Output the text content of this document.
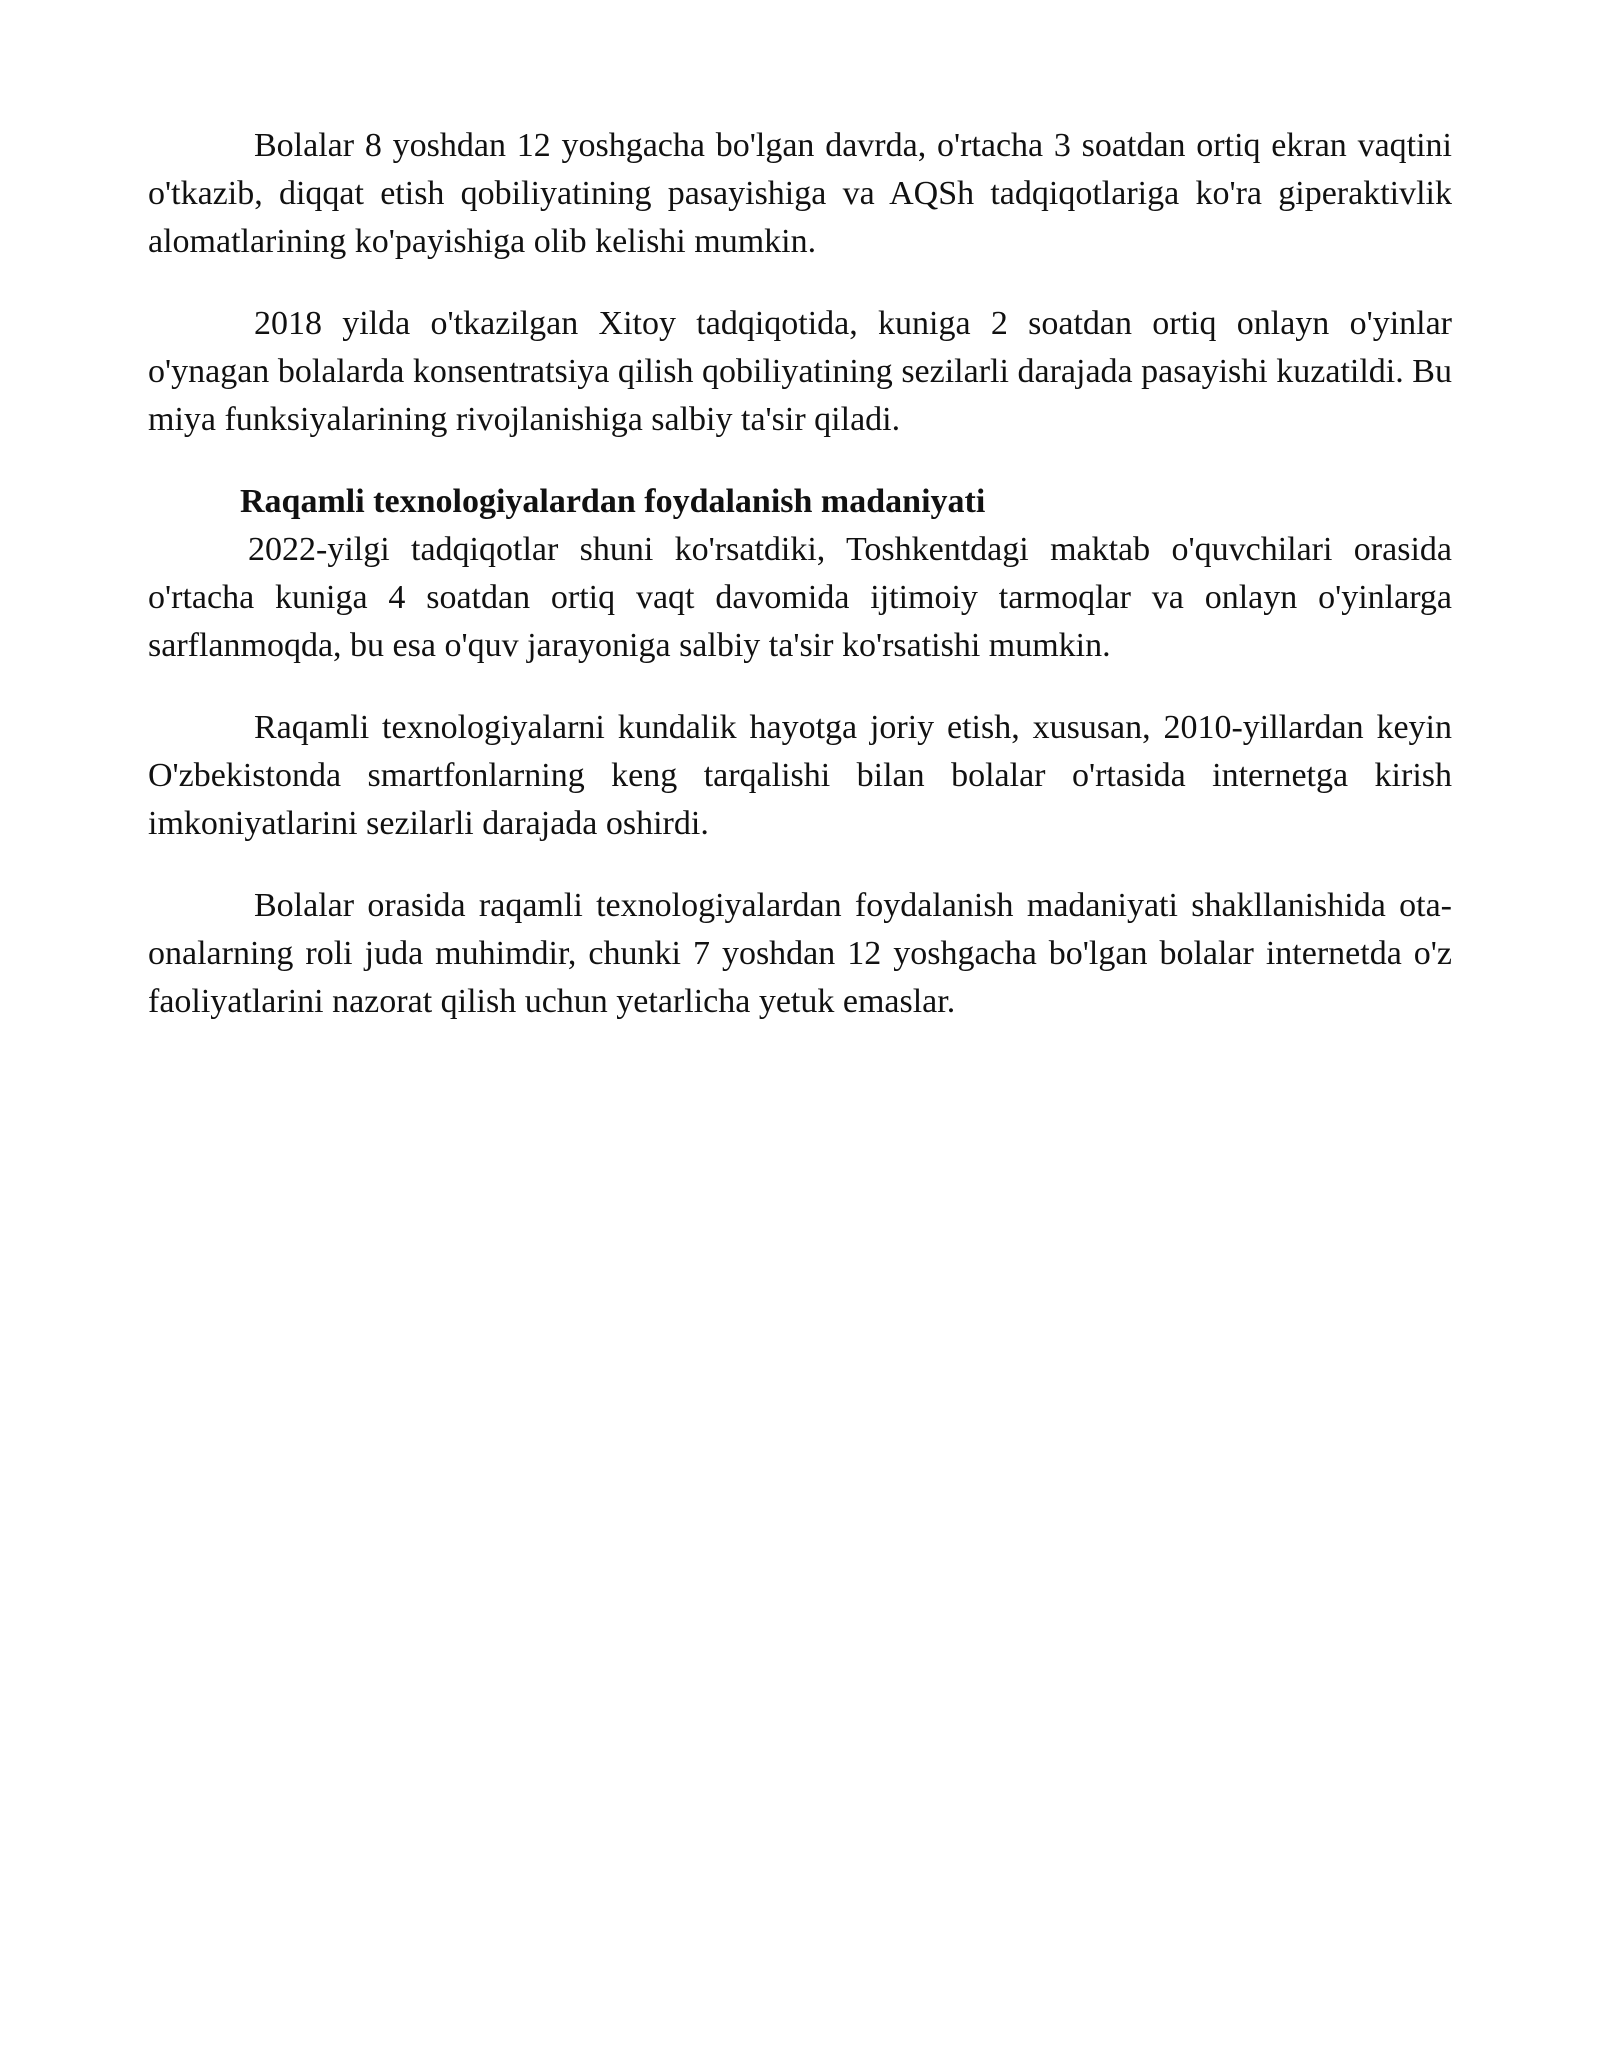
Bolalar 8 yoshdan 12 yoshgacha bo'lgan davrda, o'rtacha 3 soatdan ortiq ekran vaqtini o'tkazib, diqqat etish qobiliyatining pasayishiga va AQSh tadqiqotlariga ko'ra giperaktivlik alomatlarining ko'payishiga olib kelishi mumkin.

2018 yilda o'tkazilgan Xitoy tadqiqotida, kuniga 2 soatdan ortiq onlayn o'yinlar o'ynagan bolalarda konsentratsiya qilish qobiliyatining sezilarli darajada pasayishi kuzatildi. Bu miya funksiyalarining rivojlanishiga salbiy ta'sir qiladi.

Raqamli texnologiyalardan foydalanish madaniyati

2022-yilgi tadqiqotlar shuni ko'rsatdiki, Toshkentdagi maktab o'quvchilari orasida o'rtacha kuniga 4 soatdan ortiq vaqt davomida ijtimoiy tarmoqlar va onlayn o'yinlarga sarflanmoqda, bu esa o'quv jarayoniga salbiy ta'sir ko'rsatishi mumkin.

Raqamli texnologiyalarni kundalik hayotga joriy etish, xususan, 2010-yillardan keyin O'zbekistonda smartfonlarning keng tarqalishi bilan bolalar o'rtasida internetga kirish imkoniyatlarini sezilarli darajada oshirdi.

Bolalar orasida raqamli texnologiyalardan foydalanish madaniyati shakllanishida ota-onalarning roli juda muhimdir, chunki 7 yoshdan 12 yoshgacha bo'lgan bolalar internetda o'z faoliyatlarini nazorat qilish uchun yetarlicha yetuk emaslar.
